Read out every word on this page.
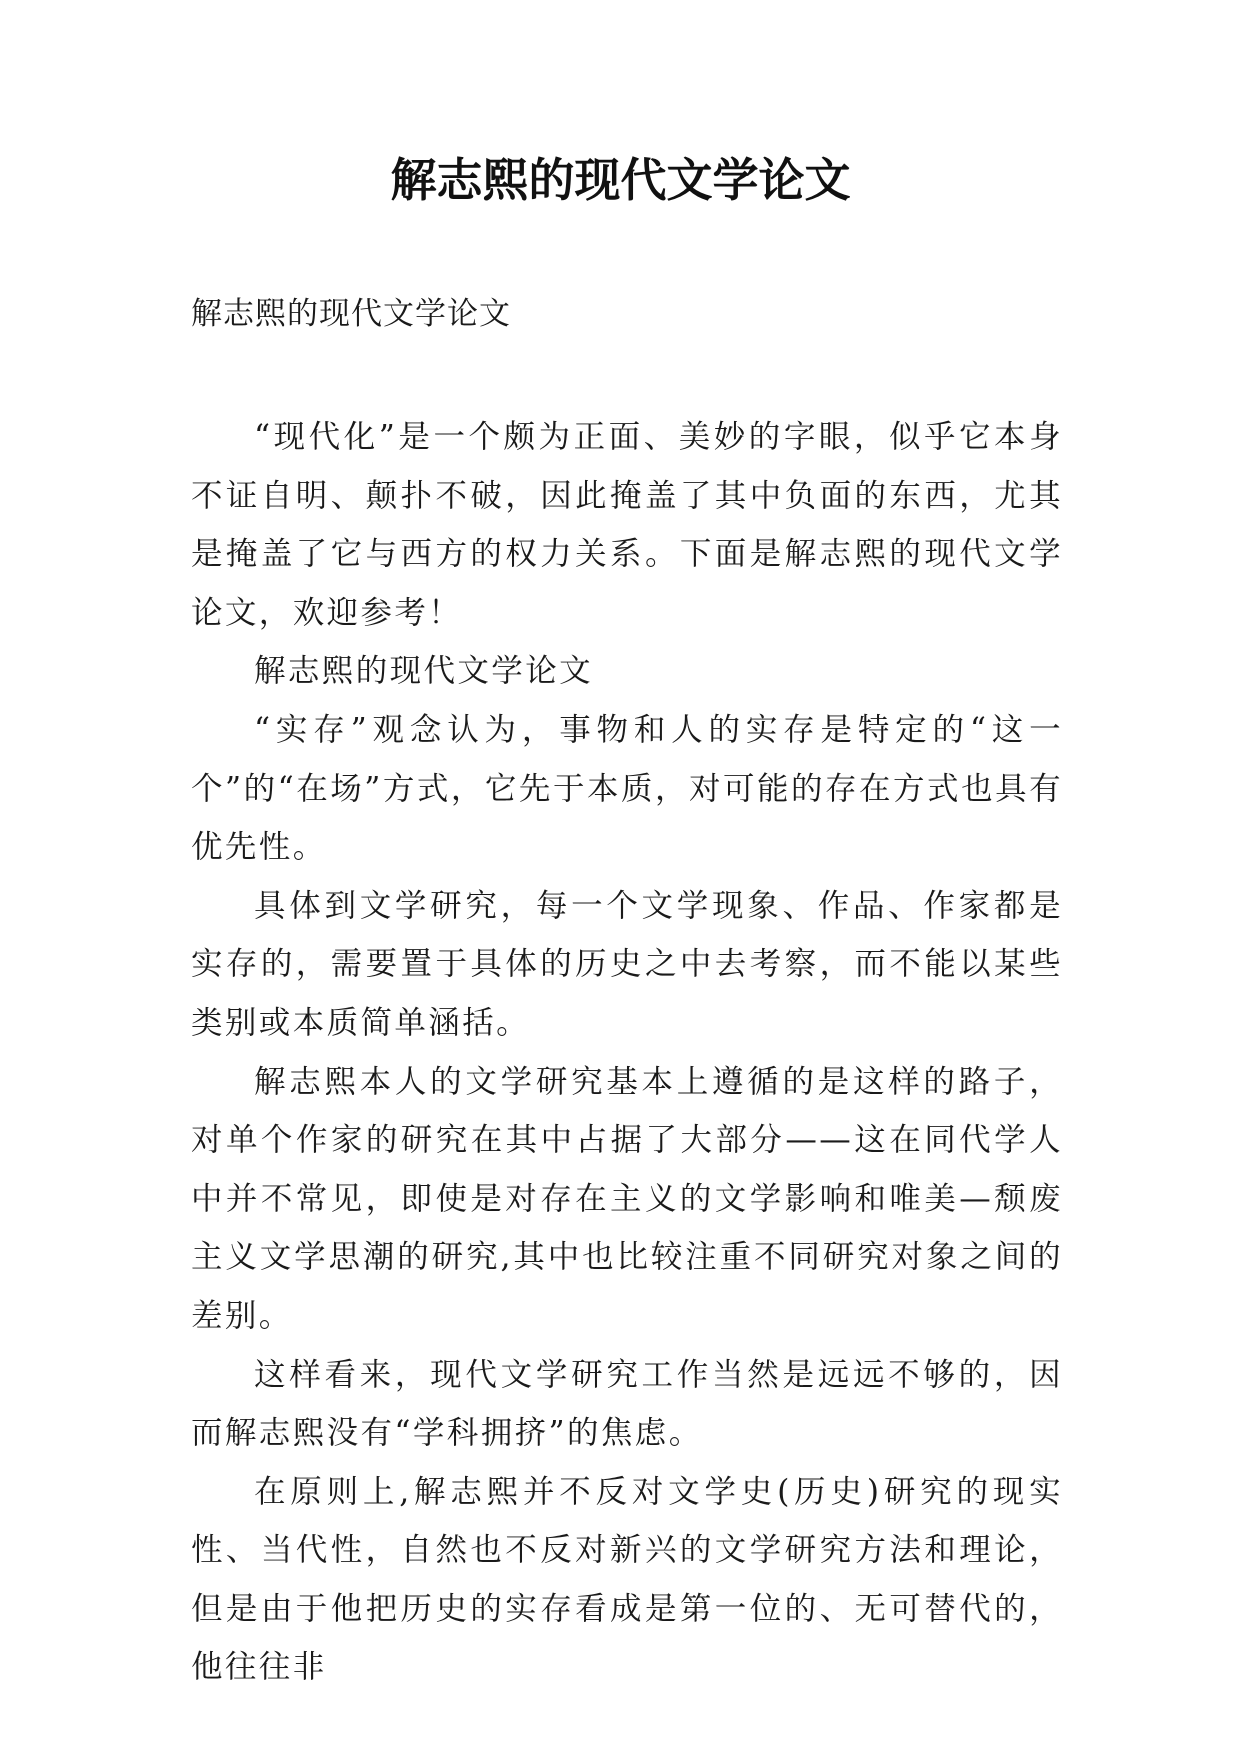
解志熙的现代文学论文

解志熙的现代文学论文

“现代化”是一个颇为正面、美妙的字眼，似乎它本身不证自明、颠扑不破，因此掩盖了其中负面的东西，尤其是掩盖了它与西方的权力关系。下面是解志熙的现代文学论文，欢迎参考！

解志熙的现代文学论文

“实存”观念认为，事物和人的实存是特定的“这一个”的“在场”方式，它先于本质，对可能的存在方式也具有优先性。

具体到文学研究，每一个文学现象、作品、作家都是实存的，需要置于具体的历史之中去考察，而不能以某些类别或本质简单涵括。

解志熙本人的文学研究基本上遵循的是这样的路子，对单个作家的研究在其中占据了大部分——这在同代学人中并不常见，即使是对存在主义的文学影响和唯美—颓废主义文学思潮的研究,其中也比较注重不同研究对象之间的差别。

这样看来，现代文学研究工作当然是远远不够的，因而解志熙没有“学科拥挤”的焦虑。

在原则上,解志熙并不反对文学史(历史)研究的现实性、当代性，自然也不反对新兴的文学研究方法和理论，但是由于他把历史的实存看成是第一位的、无可替代的，他往往非
